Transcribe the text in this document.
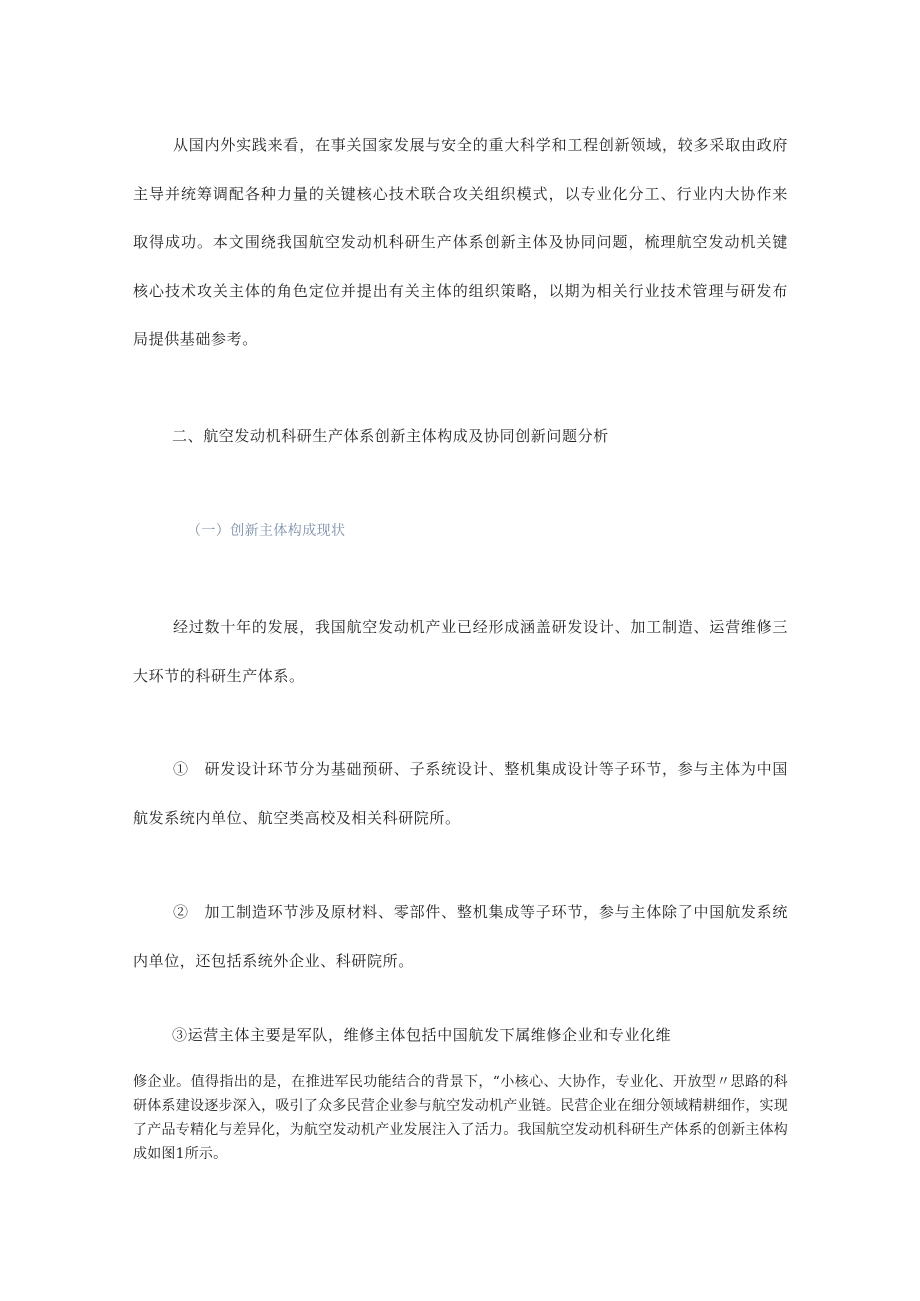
从国内外实践来看，在事关国家发展与安全的重大科学和工程创新领域，较多采取由政府主导并统筹调配各种力量的关键核心技术联合攻关组织模式，以专业化分工、行业内大协作来取得成功。本文围绕我国航空发动机科研生产体系创新主体及协同问题，梳理航空发动机关键核心技术攻关主体的角色定位并提出有关主体的组织策略，以期为相关行业技术管理与研发布局提供基础参考。

二、航空发动机科研生产体系创新主体构成及协同创新问题分析
（一）创新主体构成现状

经过数十年的发展，我国航空发动机产业已经形成涵盖研发设计、加工制造、运营维修三大环节的科研生产体系。

①　研发设计环节分为基础预研、子系统设计、整机集成设计等子环节，参与主体为中国航发系统内单位、航空类高校及相关科研院所。

②　加工制造环节涉及原材料、零部件、整机集成等子环节，参与主体除了中国航发系统内单位，还包括系统外企业、科研院所。

③运营主体主要是军队，维修主体包括中国航发下属维修企业和专业化维

修企业。值得指出的是，在推进军民功能结合的背景下，“小核心、大协作，专业化、开放型〃思路的科研体系建设逐步深入，吸引了众多民营企业参与航空发动机产业链。民营企业在细分领域精耕细作，实现了产品专精化与差异化，为航空发动机产业发展注入了活力。我国航空发动机科研生产体系的创新主体构成如图1所示。
